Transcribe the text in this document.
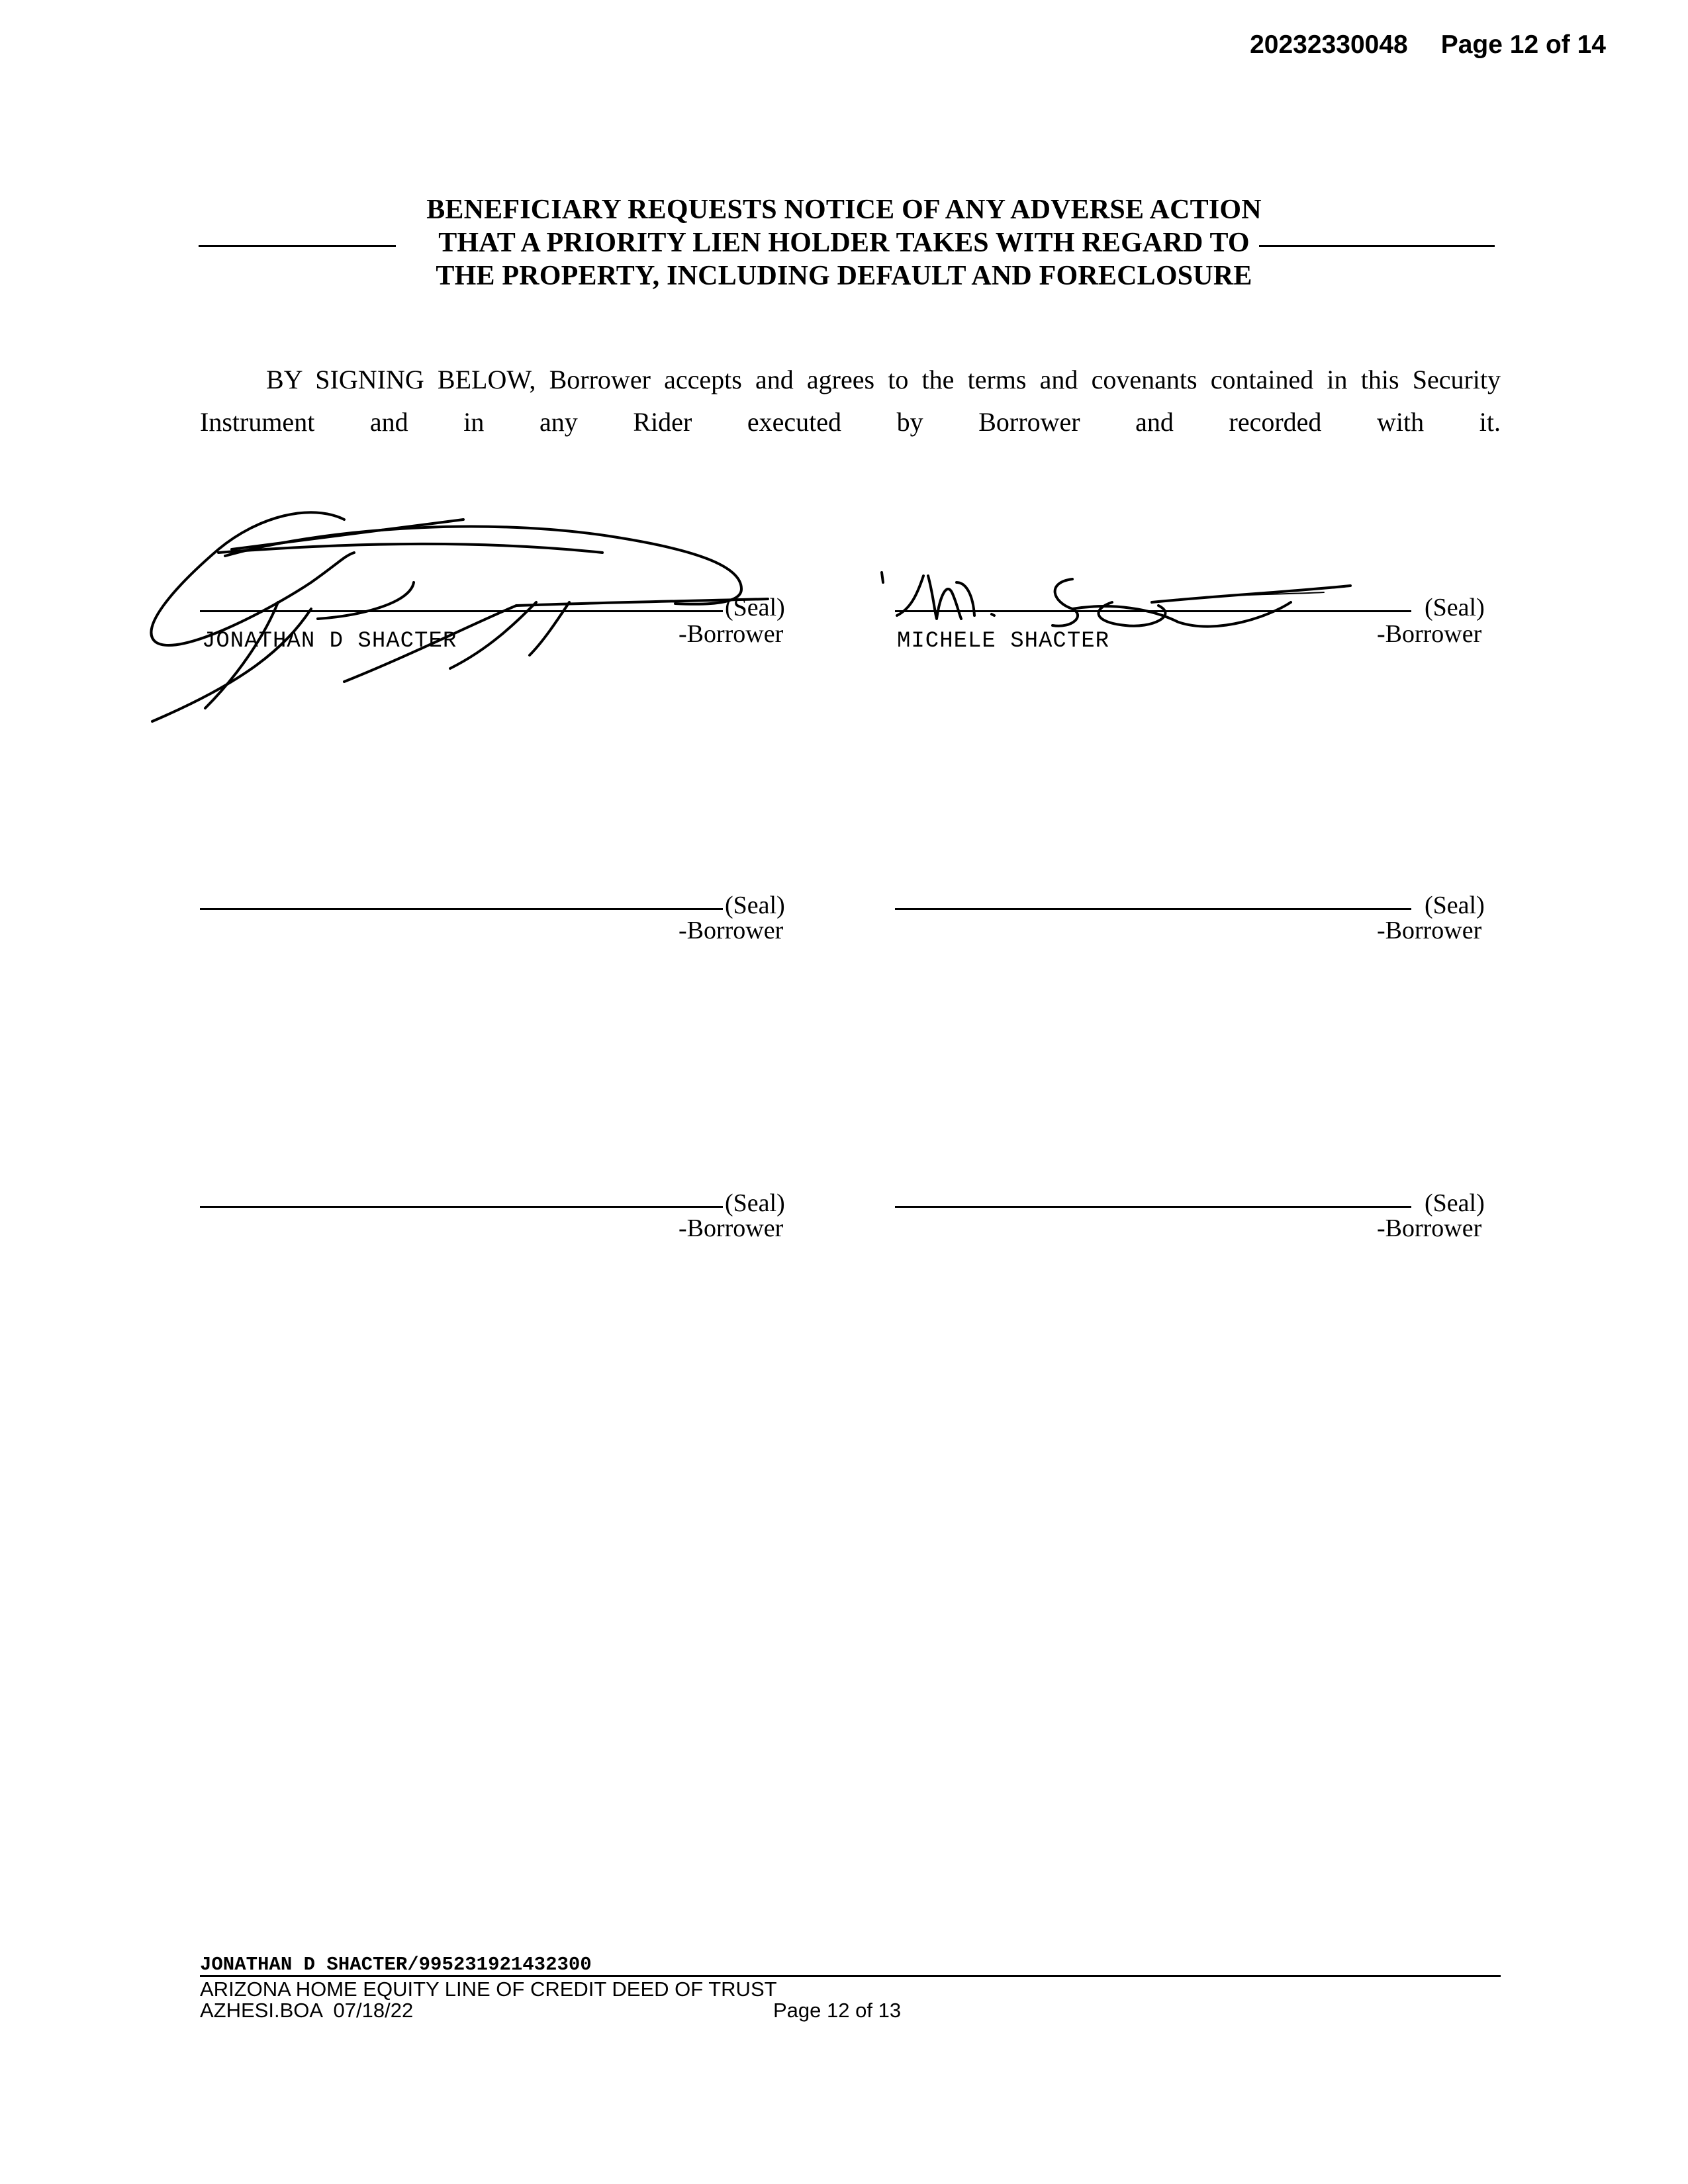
20232330048 Page 12 of 14
BENEFICIARY REQUESTS NOTICE OF ANY ADVERSE ACTION
THAT A PRIORITY LIEN HOLDER TAKES WITH REGARD TO
THE PROPERTY, INCLUDING DEFAULT AND FORECLOSURE
BY SIGNING BELOW, Borrower accepts and agrees to the terms and covenants contained in this Security Instrument and in any Rider executed by Borrower and recorded with it.
(Seal)
-Borrower
JONATHAN D SHACTER
(Seal)
-Borrower
MICHELE SHACTER
(Seal)
-Borrower
(Seal)
-Borrower
(Seal)
-Borrower
(Seal)
-Borrower
JONATHAN D SHACTER/995231921432300
ARIZONA HOME EQUITY LINE OF CREDIT DEED OF TRUST
AZHESI.BOA  07/18/22	Page 12 of 13
